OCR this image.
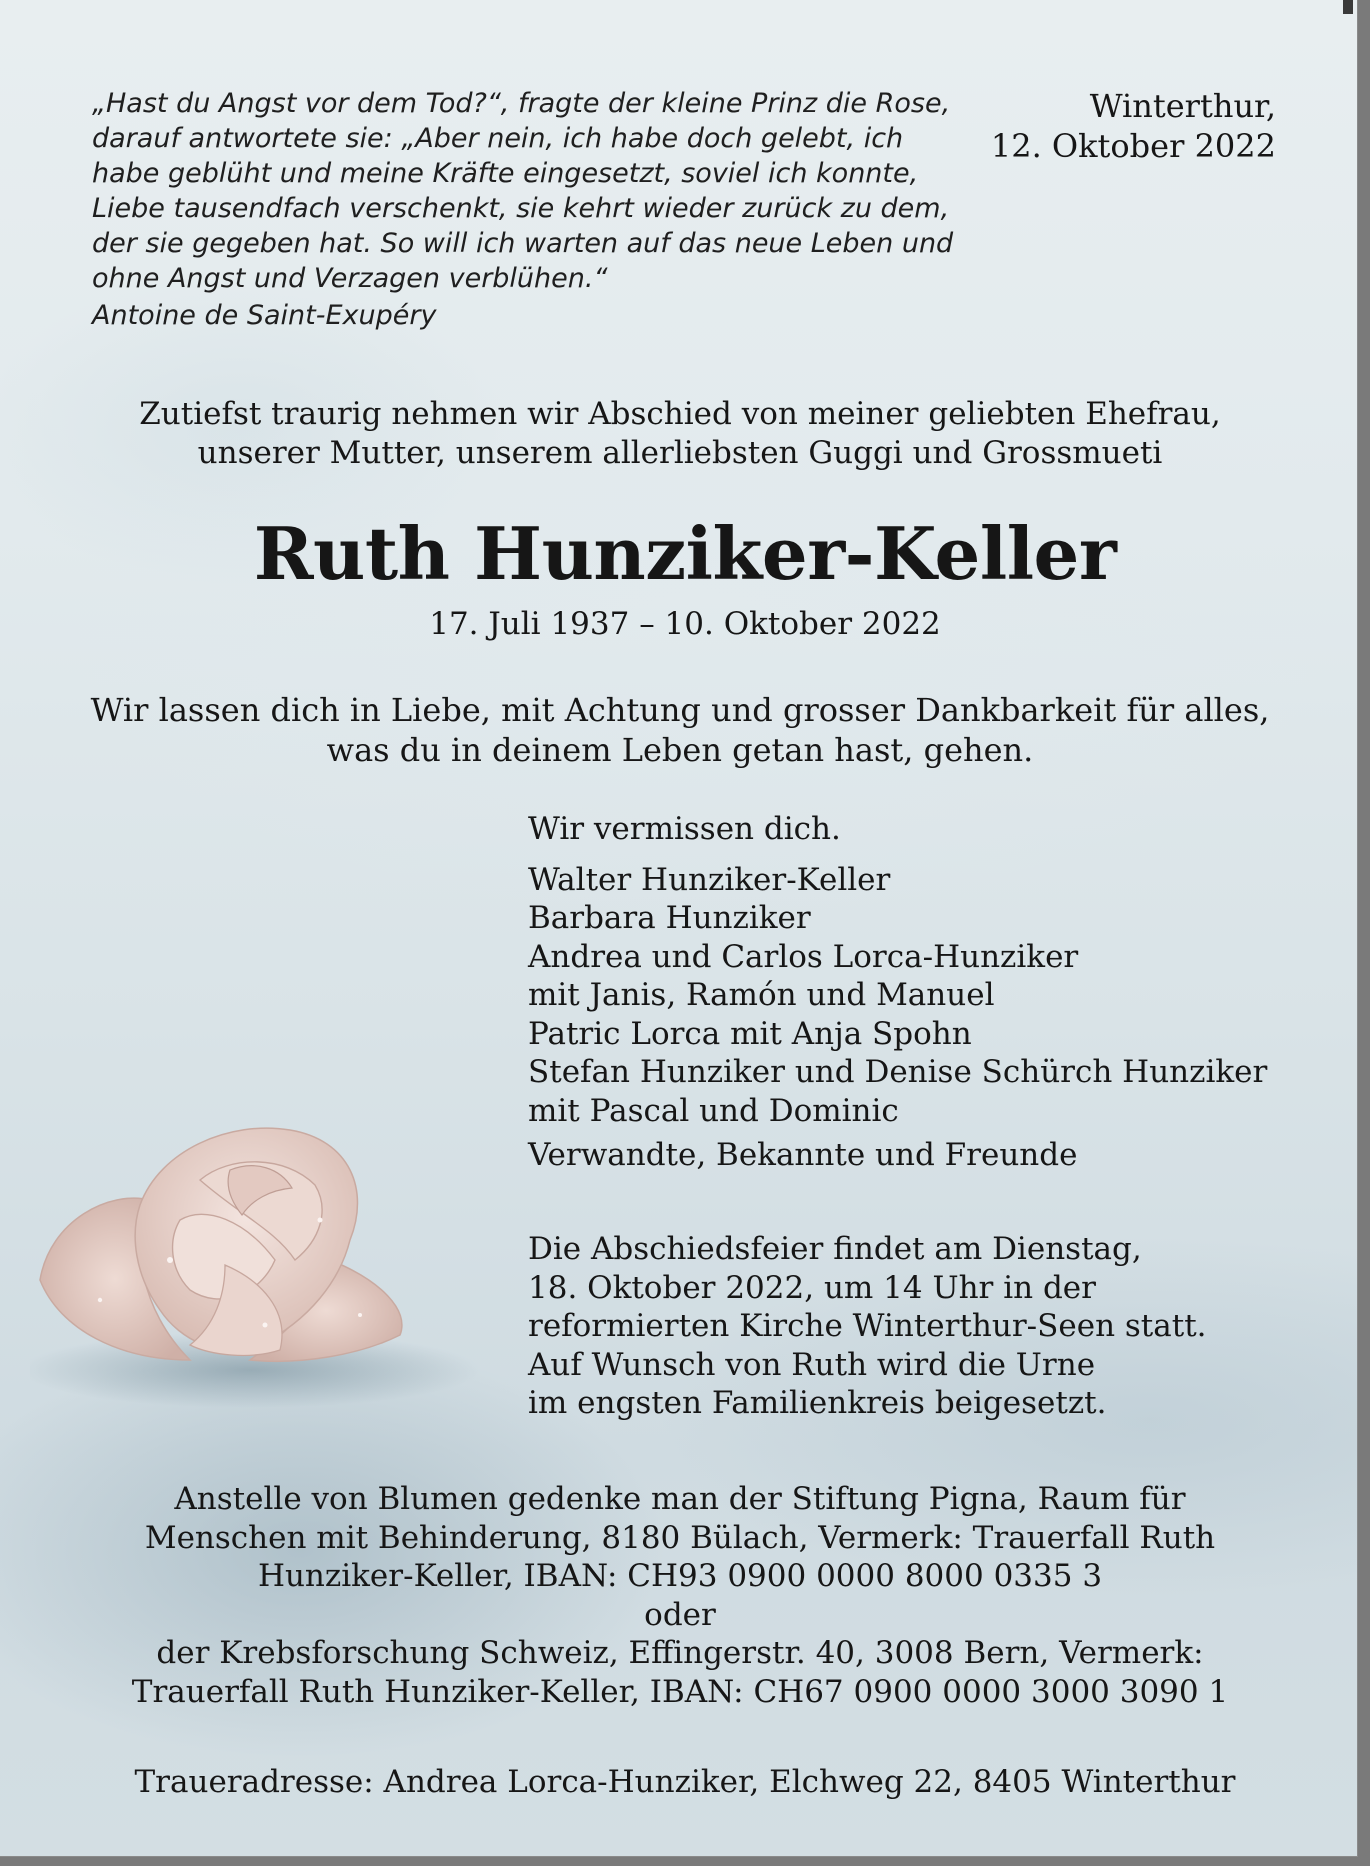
„Hast du Angst vor dem Tod?“, fragte der kleine Prinz die Rose,
darauf antwortete sie: „Aber nein, ich habe doch gelebt, ich
habe geblüht und meine Kräfte eingesetzt, soviel ich konnte,
Liebe tausendfach verschenkt, sie kehrt wieder zurück zu dem,
der sie gegeben hat. So will ich warten auf das neue Leben und
ohne Angst und Verzagen verblühen.“
Antoine de Saint-Exupéry
Winterthur,
12. Oktober 2022
Zutiefst traurig nehmen wir Abschied von meiner geliebten Ehefrau,
unserer Mutter, unserem allerliebsten Guggi und Grossmueti
Ruth Hunziker-Keller
17. Juli 1937 – 10. Oktober 2022
Wir lassen dich in Liebe, mit Achtung und grosser Dankbarkeit für alles,
was du in deinem Leben getan hast, gehen.
Wir vermissen dich.
Walter Hunziker-Keller
Barbara Hunziker
Andrea und Carlos Lorca-Hunziker
mit Janis, Ramón und Manuel
Patric Lorca mit Anja Spohn
Stefan Hunziker und Denise Schürch Hunziker
mit Pascal und Dominic
Verwandte, Bekannte und Freunde
Die Abschiedsfeier findet am Dienstag,
18. Oktober 2022, um 14 Uhr in der
reformierten Kirche Winterthur-Seen statt.
Auf Wunsch von Ruth wird die Urne
im engsten Familienkreis beigesetzt.
Anstelle von Blumen gedenke man der Stiftung Pigna, Raum für
Menschen mit Behinderung, 8180 Bülach, Vermerk: Trauerfall Ruth
Hunziker-Keller, IBAN: CH93 0900 0000 8000 0335 3
oder
der Krebsforschung Schweiz, Effingerstr. 40, 3008 Bern, Vermerk:
Trauerfall Ruth Hunziker-Keller, IBAN: CH67 0900 0000 3000 3090 1
Traueradresse: Andrea Lorca-Hunziker, Elchweg 22, 8405 Winterthur
